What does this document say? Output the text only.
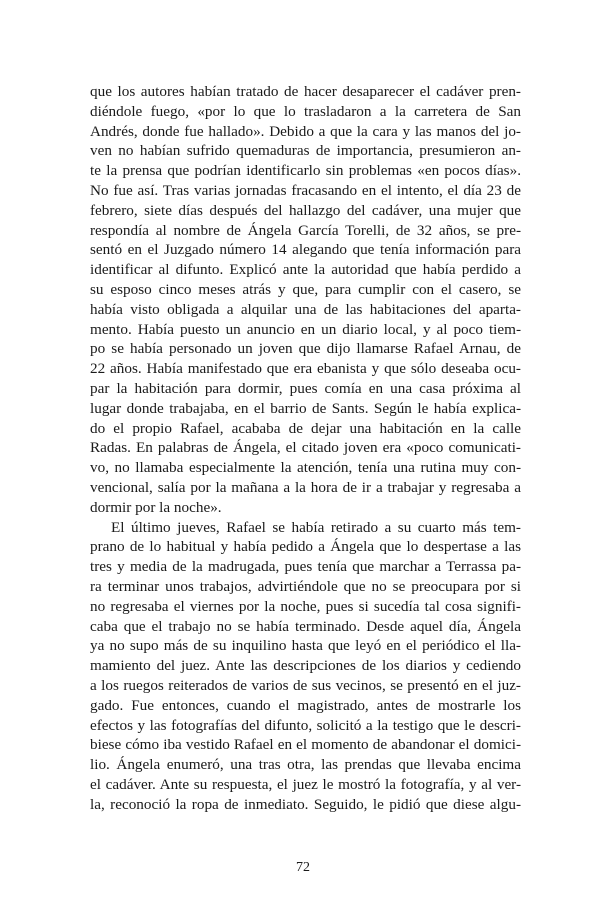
que los autores habían tratado de hacer desaparecer el cadáver pren-
diéndole fuego, «por lo que lo trasladaron a la carretera de San
Andrés, donde fue hallado». Debido a que la cara y las manos del jo-
ven no habían sufrido quemaduras de importancia, presumieron an-
te la prensa que podrían identificarlo sin problemas «en pocos días».
No fue así. Tras varias jornadas fracasando en el intento, el día 23 de
febrero, siete días después del hallazgo del cadáver, una mujer que
respondía al nombre de Ángela García Torelli, de 32 años, se pre-
sentó en el Juzgado número 14 alegando que tenía información para
identificar al difunto. Explicó ante la autoridad que había perdido a
su esposo cinco meses atrás y que, para cumplir con el casero, se
había visto obligada a alquilar una de las habitaciones del aparta-
mento. Había puesto un anuncio en un diario local, y al poco tiem-
po se había personado un joven que dijo llamarse Rafael Arnau, de
22 años. Había manifestado que era ebanista y que sólo deseaba ocu-
par la habitación para dormir, pues comía en una casa próxima al
lugar donde trabajaba, en el barrio de Sants. Según le había explica-
do el propio Rafael, acababa de dejar una habitación en la calle
Radas. En palabras de Ángela, el citado joven era «poco comunicati-
vo, no llamaba especialmente la atención, tenía una rutina muy con-
vencional, salía por la mañana a la hora de ir a trabajar y regresaba a
dormir por la noche».
El último jueves, Rafael se había retirado a su cuarto más tem-
prano de lo habitual y había pedido a Ángela que lo despertase a las
tres y media de la madrugada, pues tenía que marchar a Terrassa pa-
ra terminar unos trabajos, advirtiéndole que no se preocupara por si
no regresaba el viernes por la noche, pues si sucedía tal cosa signifi-
caba que el trabajo no se había terminado. Desde aquel día, Ángela
ya no supo más de su inquilino hasta que leyó en el periódico el lla-
mamiento del juez. Ante las descripciones de los diarios y cediendo
a los ruegos reiterados de varios de sus vecinos, se presentó en el juz-
gado. Fue entonces, cuando el magistrado, antes de mostrarle los
efectos y las fotografías del difunto, solicitó a la testigo que le descri-
biese cómo iba vestido Rafael en el momento de abandonar el domici-
lio. Ángela enumeró, una tras otra, las prendas que llevaba encima
el cadáver. Ante su respuesta, el juez le mostró la fotografía, y al ver-
la, reconoció la ropa de inmediato. Seguido, le pidió que diese algu-
72
